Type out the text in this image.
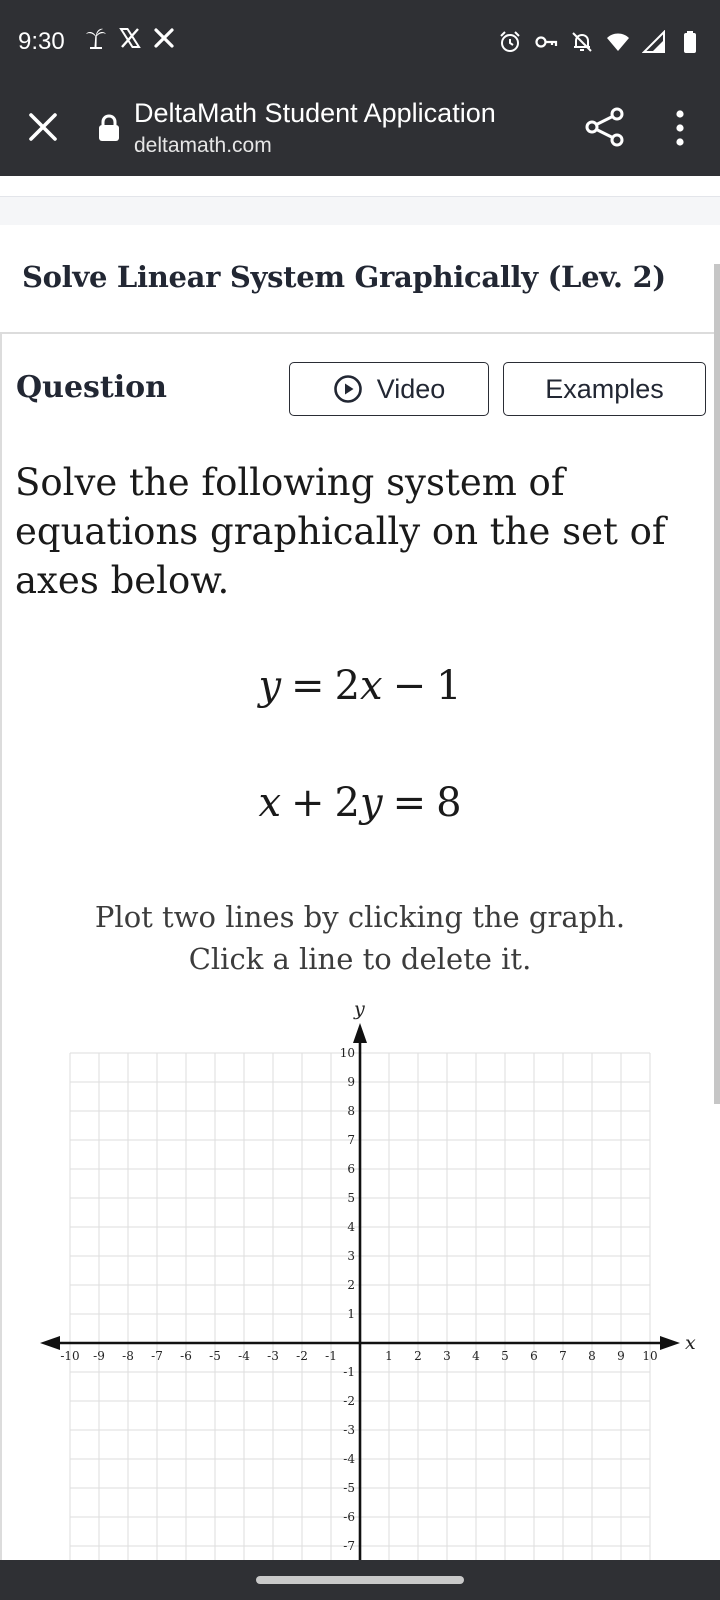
9:30
DeltaMath Student Application
deltamath.com
Solve Linear System Graphically (Lev. 2)
Question	Video	Examples
Solve the following system of equations graphically on the set of axes below.
y = 2x − 1
x + 2y = 8
Plot two lines by clicking the graph.
Click a line to delete it.
x
y
-10 -9 -8 -7 -6 -5 -4 -3 -2 -1	1 2 3 4 5 6 7 8 9 10
10
9
8
7
6
5
4
3
2
1
-1
-2
-3
-4
-5
-6
-7
